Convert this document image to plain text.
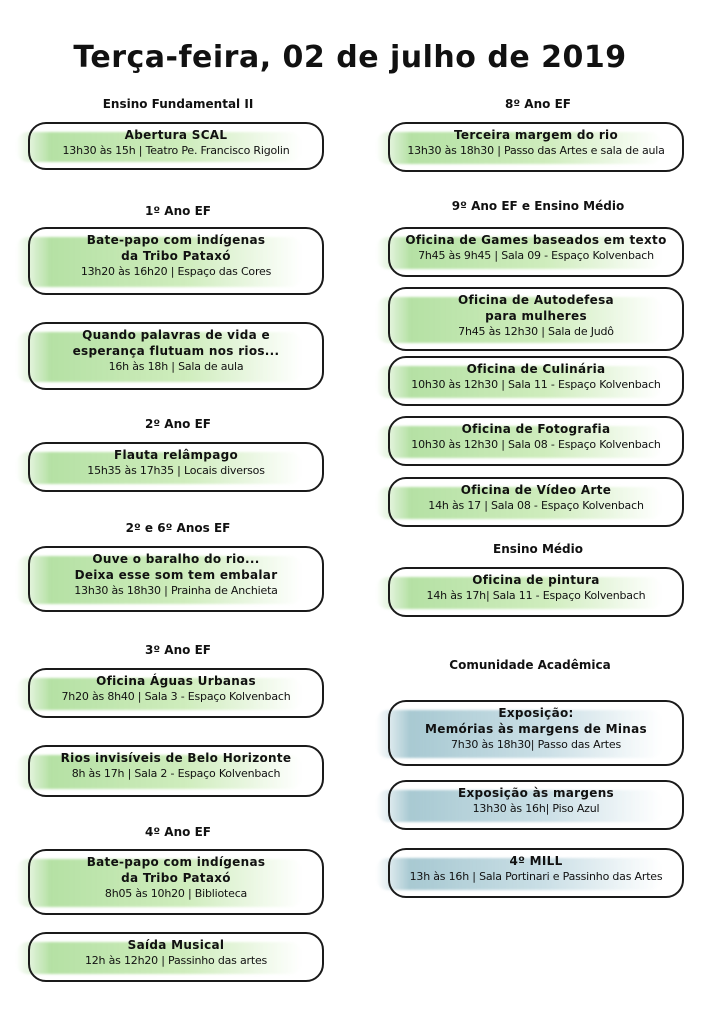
Terça-feira, 02 de julho de 2019
Ensino Fundamental II
Abertura SCAL
13h30 às 15h | Teatro Pe. Francisco Rigolin
1º Ano EF
Bate-papo com indígenas
da Tribo Pataxó
13h20 às 16h20 | Espaço das Cores
Quando palavras de vida e
esperança flutuam nos rios...
16h às 18h | Sala de aula
2º Ano EF
Flauta relâmpago
15h35 às 17h35 | Locais diversos
2º e 6º Anos EF
Ouve o baralho do rio...
Deixa esse som tem embalar
13h30 às 18h30 | Prainha de Anchieta
3º Ano EF
Oficina Águas Urbanas
7h20 às 8h40 | Sala 3 - Espaço Kolvenbach
Rios invisíveis de Belo Horizonte
8h às 17h | Sala 2 - Espaço Kolvenbach
4º Ano EF
Bate-papo com indígenas
da Tribo Pataxó
8h05 às 10h20 | Biblioteca
Saída Musical
12h às 12h20 | Passinho das artes
8º Ano EF
Terceira margem do rio
13h30 às 18h30 | Passo das Artes e sala de aula
9º Ano EF e Ensino Médio
Oficina de Games baseados em texto
7h45 às 9h45 | Sala 09 - Espaço Kolvenbach
Oficina de Autodefesa
para mulheres
7h45 às 12h30 | Sala de Judô
Oficina de Culinária
10h30 às 12h30 | Sala 11 - Espaço Kolvenbach
Oficina de Fotografia
10h30 às 12h30 | Sala 08 - Espaço Kolvenbach
Oficina de Vídeo Arte
14h às 17 | Sala 08 - Espaço Kolvenbach
Ensino Médio
Oficina de pintura
14h às 17h| Sala 11 - Espaço Kolvenbach
Comunidade Acadêmica
Exposição:
Memórias às margens de Minas
7h30 às 18h30| Passo das Artes
Exposição às margens
13h30 às 16h| Piso Azul
4º MILL
13h às 16h | Sala Portinari e Passinho das Artes
